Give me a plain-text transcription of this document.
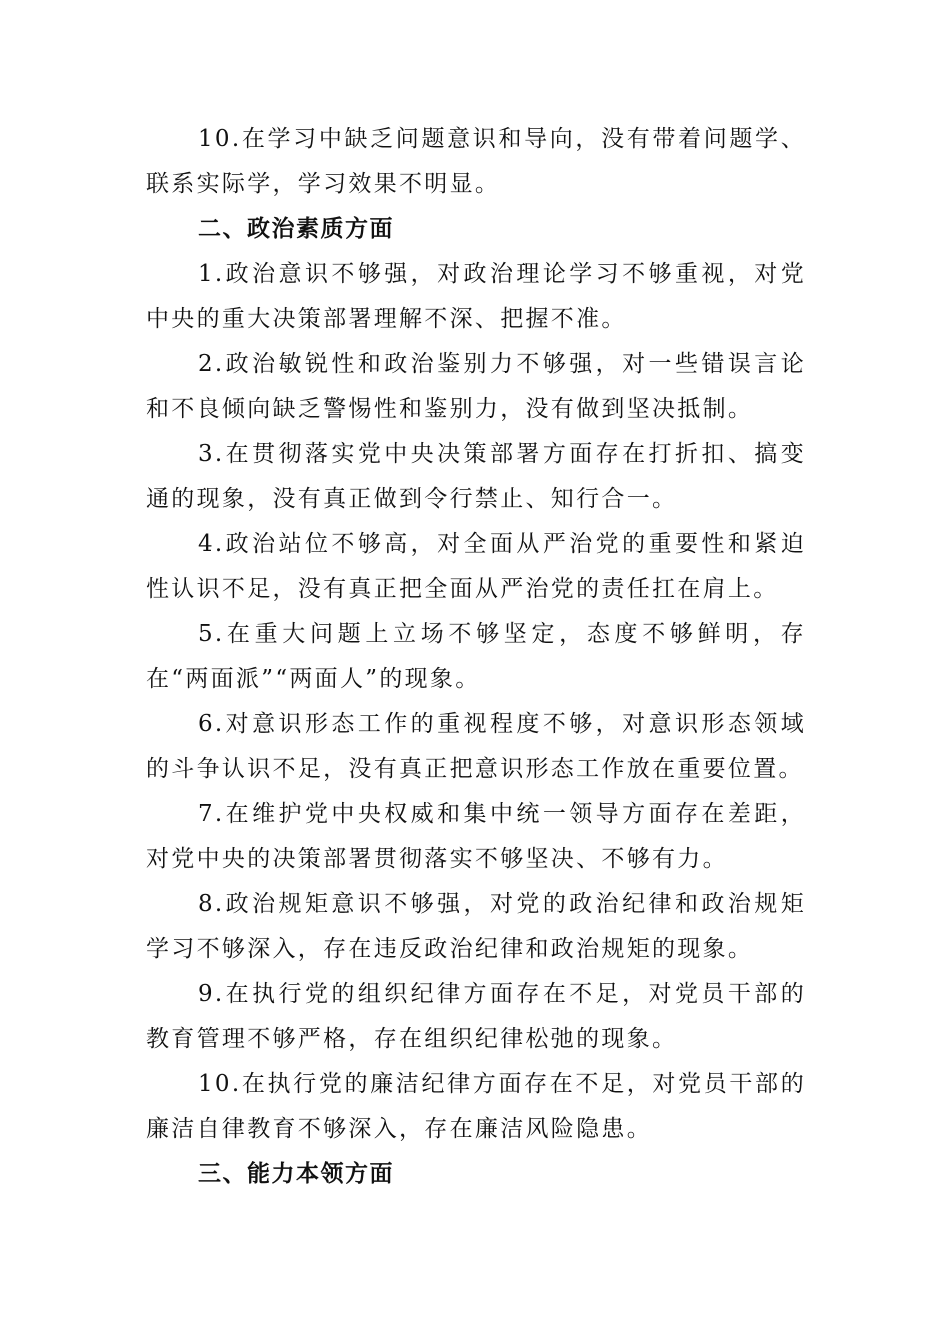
10.在学习中缺乏问题意识和导向，没有带着问题学、联系实际学，学习效果不明显。

二、政治素质方面

1.政治意识不够强，对政治理论学习不够重视，对党中央的重大决策部署理解不深、把握不准。

2.政治敏锐性和政治鉴别力不够强，对一些错误言论和不良倾向缺乏警惕性和鉴别力，没有做到坚决抵制。

3.在贯彻落实党中央决策部署方面存在打折扣、搞变通的现象，没有真正做到令行禁止、知行合一。

4.政治站位不够高，对全面从严治党的重要性和紧迫性认识不足，没有真正把全面从严治党的责任扛在肩上。

5.在重大问题上立场不够坚定，态度不够鲜明，存在“两面派”“两面人”的现象。

6.对意识形态工作的重视程度不够，对意识形态领域的斗争认识不足，没有真正把意识形态工作放在重要位置。

7.在维护党中央权威和集中统一领导方面存在差距，对党中央的决策部署贯彻落实不够坚决、不够有力。

8.政治规矩意识不够强，对党的政治纪律和政治规矩学习不够深入，存在违反政治纪律和政治规矩的现象。

9.在执行党的组织纪律方面存在不足，对党员干部的教育管理不够严格，存在组织纪律松弛的现象。

10.在执行党的廉洁纪律方面存在不足，对党员干部的廉洁自律教育不够深入，存在廉洁风险隐患。

三、能力本领方面
